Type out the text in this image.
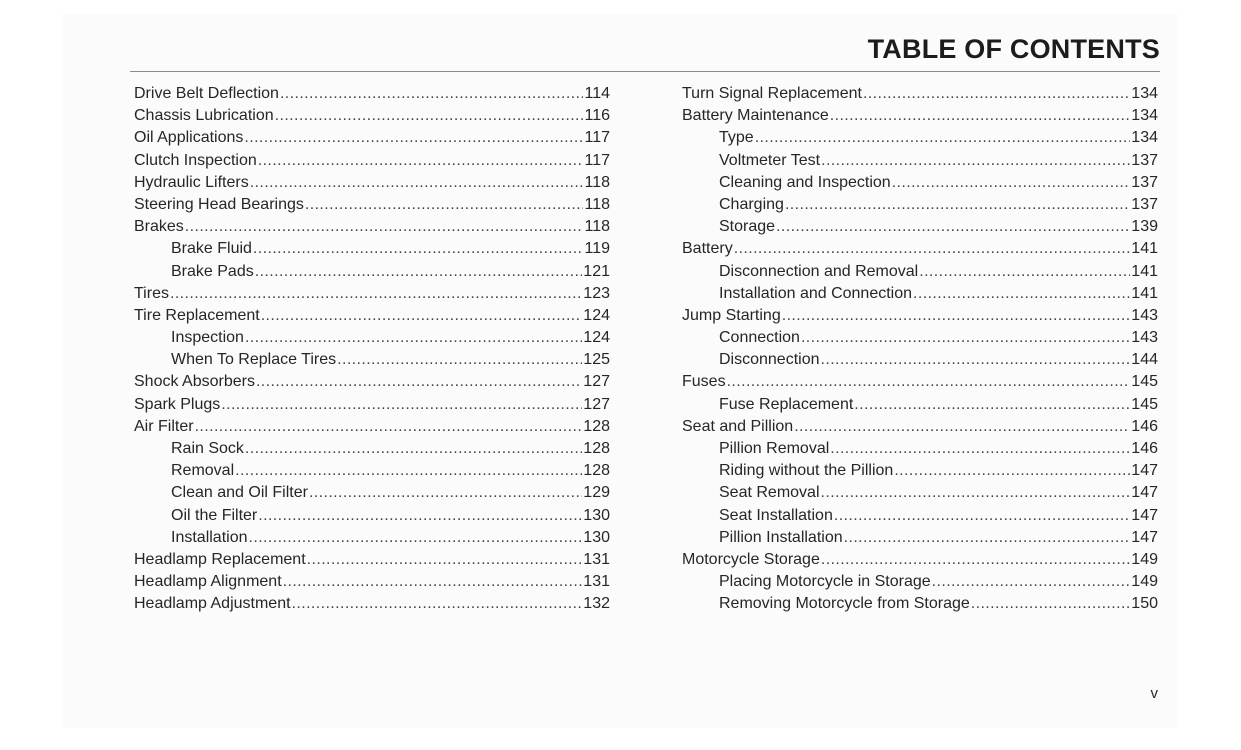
TABLE OF CONTENTS
Drive Belt Deflection .....	114
Chassis Lubrication .....	116
Oil Applications .....	117
Clutch Inspection .....	117
Hydraulic Lifters .....	118
Steering Head Bearings .....	118
Brakes .....	118
Brake Fluid .....	119
Brake Pads .....	121
Tires .....	123
Tire Replacement .....	124
Inspection .....	124
When To Replace Tires .....	125
Shock Absorbers .....	127
Spark Plugs .....	127
Air Filter .....	128
Rain Sock .....	128
Removal .....	128
Clean and Oil Filter .....	129
Oil the Filter .....	130
Installation .....	130
Headlamp Replacement .....	131
Headlamp Alignment .....	131
Headlamp Adjustment .....	132
Turn Signal Replacement .....	134
Battery Maintenance .....	134
Type .....	134
Voltmeter Test .....	137
Cleaning and Inspection .....	137
Charging .....	137
Storage .....	139
Battery .....	141
Disconnection and Removal .....	141
Installation and Connection .....	141
Jump Starting .....	143
Connection .....	143
Disconnection .....	144
Fuses .....	145
Fuse Replacement .....	145
Seat and Pillion .....	146
Pillion Removal .....	146
Riding without the Pillion .....	147
Seat Removal .....	147
Seat Installation .....	147
Pillion Installation .....	147
Motorcycle Storage .....	149
Placing Motorcycle in Storage .....	149
Removing Motorcycle from Storage .....	150
v
